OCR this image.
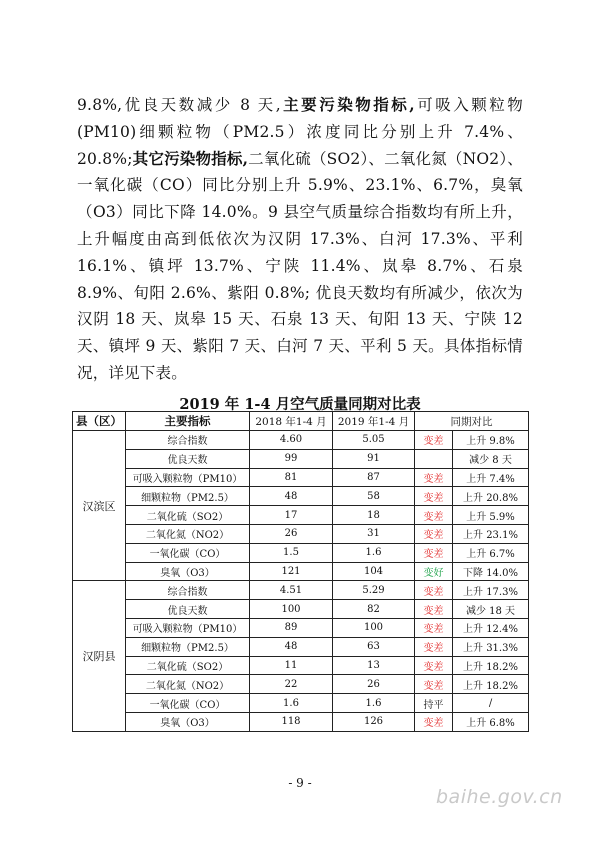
9.8%,优良天数减少 8 天,主要污染物指标,可吸入颗粒物(PM10)细颗粒物（PM2.5）浓度同比分别上升 7.4%、20.8%;其它污染物指标,二氧化硫（SO2）、二氧化氮（NO2）、一氧化碳（CO）同比分别上升 5.9%、23.1%、6.7%，臭氧（O3）同比下降 14.0%。9 县空气质量综合指数均有所上升，上升幅度由高到低依次为汉阴 17.3%、白河 17.3%、平利 16.1%、镇坪 13.7%、宁陕 11.4%、岚皋 8.7%、石泉 8.9%、旬阳 2.6%、紫阳 0.8%; 优良天数均有所减少，依次为汉阴 18 天、岚皋 15 天、石泉 13 天、旬阳 13 天、宁陕 12 天、镇坪 9 天、紫阳 7 天、白河 7 天、平利 5 天。具体指标情况，详见下表。

2019 年 1-4 月空气质量同期对比表
县（区）	主要指标	2018 年1-4 月	2019 年1-4 月	同期对比	
汉滨区	综合指数	4.60	5.05	变差	上升 9.8%
	优良天数	99	91		减少 8 天
	可吸入颗粒物（PM10）	81	87	变差	上升 7.4%
	细颗粒物（PM2.5）	48	58	变差	上升 20.8%
	二氧化硫（SO2）	17	18	变差	上升 5.9%
	二氧化氮（NO2）	26	31	变差	上升 23.1%
	一氧化碳（CO）	1.5	1.6	变差	上升 6.7%
	臭氧（O3）	121	104	变好	下降 14.0%
汉阴县	综合指数	4.51	5.29	变差	上升 17.3%
	优良天数	100	82	变差	减少 18 天
	可吸入颗粒物（PM10）	89	100	变差	上升 12.4%
	细颗粒物（PM2.5）	48	63	变差	上升 31.3%
	二氧化硫（SO2）	11	13	变差	上升 18.2%
	二氧化氮（NO2）	22	26	变差	上升 18.2%
	一氧化碳（CO）	1.6	1.6	持平	/
	臭氧（O3）	118	126	变差	上升 6.8%
- 9 -
baihe.gov.cn
